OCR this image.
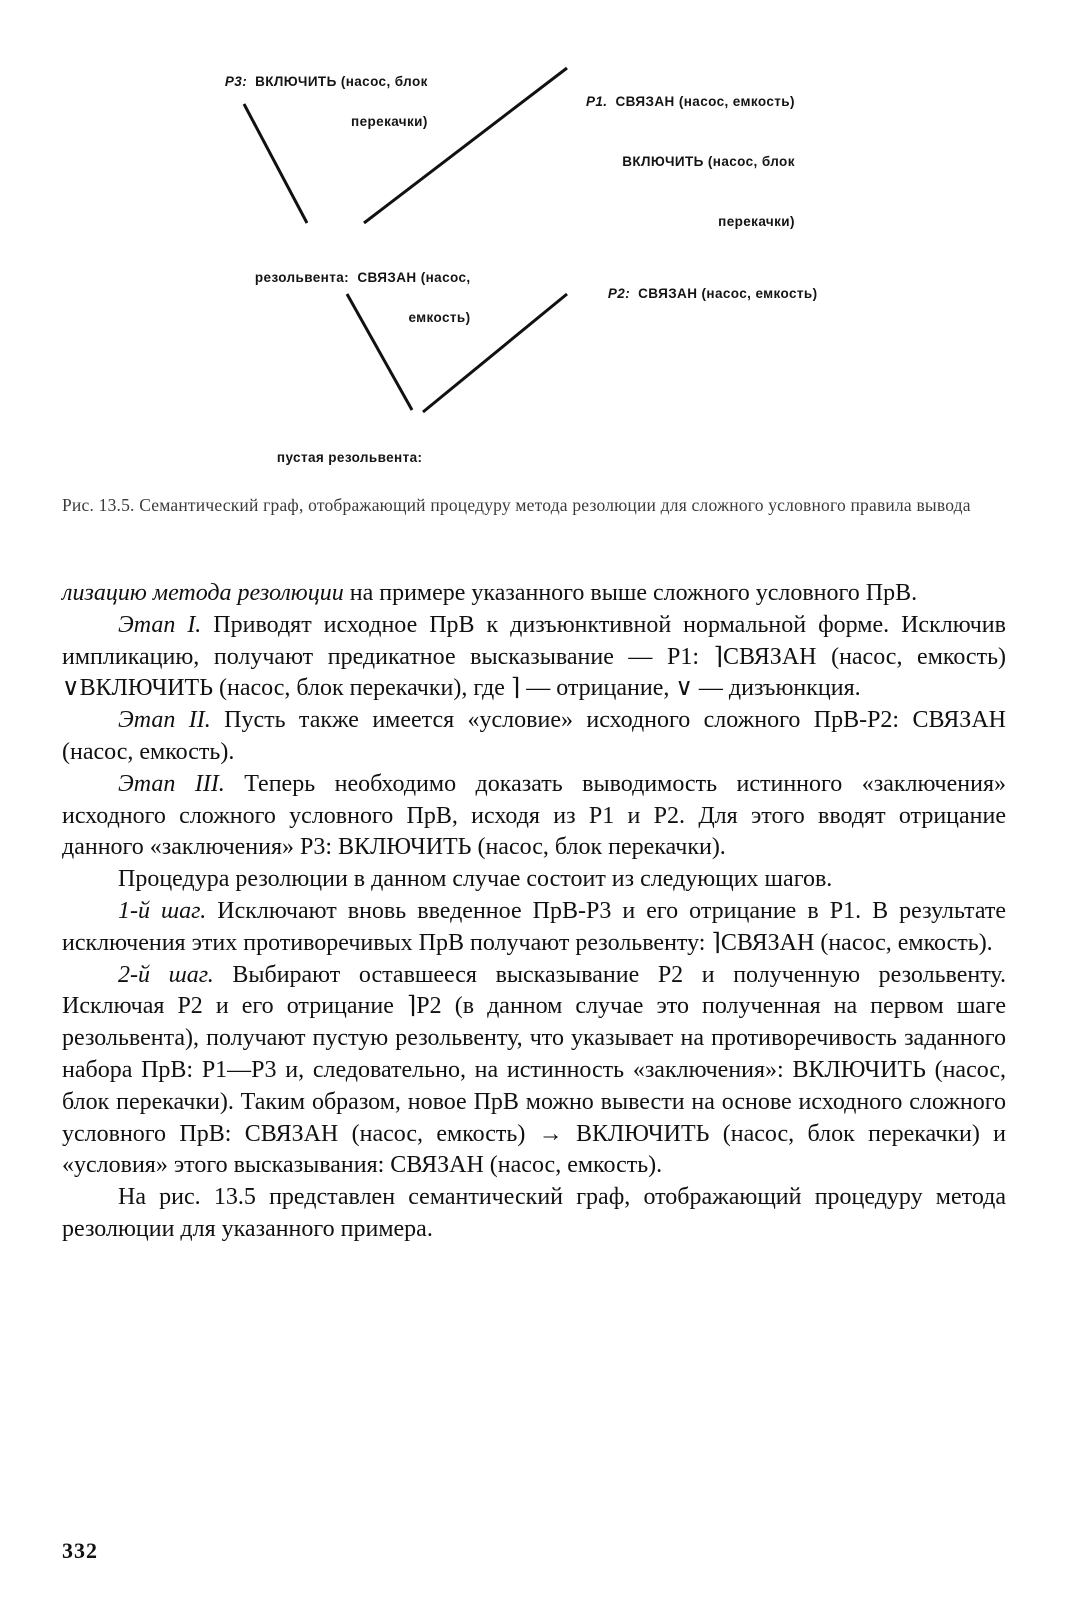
Р3: ВКЛЮЧИТЬ (насос, блок

перекачки)

Р1. СВЯЗАН (насос, емкость)

ВКЛЮЧИТЬ (насос, блок

перекачки)

резольвента: СВЯЗАН (насос,

емкость)

Р2: СВЯЗАН (насос, емкость)

пустая резольвента:

Рис. 13.5. Семантический граф, отображающий процедуру метода резолюции для сложного условного правила вывода

лизацию метода резолюции на примере указанного выше сложного условного ПрВ.

Этап I. Приводят исходное ПрВ к дизъюнктивной нормальной форме. Исключив импликацию, получают предикатное высказывание — Р1: ⌉СВЯЗАН (насос, емкость) ∨ВКЛЮЧИТЬ (насос, блок перекачки), где ⌉ — отрицание, ∨ — дизъюнкция.

Этап II. Пусть также имеется «условие» исходного сложного ПрВ-Р2: СВЯЗАН (насос, емкость).

Этап III. Теперь необходимо доказать выводимость истинного «заключения» исходного сложного условного ПрВ, исходя из Р1 и Р2. Для этого вводят отрицание данного «заключения» Р3: ВКЛЮЧИТЬ (насос, блок перекачки).

Процедура резолюции в данном случае состоит из следующих шагов.

1-й шаг. Исключают вновь введенное ПрВ-Р3 и его отрицание в Р1. В результате исключения этих противоречивых ПрВ получают резольвенту: ⌉СВЯЗАН (насос, емкость).

2-й шаг. Выбирают оставшееся высказывание Р2 и полученную резольвенту. Исключая Р2 и его отрицание ⌉Р2 (в данном случае это полученная на первом шаге резольвента), получают пустую резольвенту, что указывает на противоречивость заданного набора ПрВ: Р1—Р3 и, следовательно, на истинность «заключения»: ВКЛЮЧИТЬ (насос, блок перекачки). Таким образом, новое ПрВ можно вывести на основе исходного сложного условного ПрВ: СВЯЗАН (насос, емкость) → ВКЛЮЧИТЬ (насос, блок перекачки) и «условия» этого высказывания: СВЯЗАН (насос, емкость).

На рис. 13.5 представлен семантический граф, отображающий процедуру метода резолюции для указанного примера.

332
